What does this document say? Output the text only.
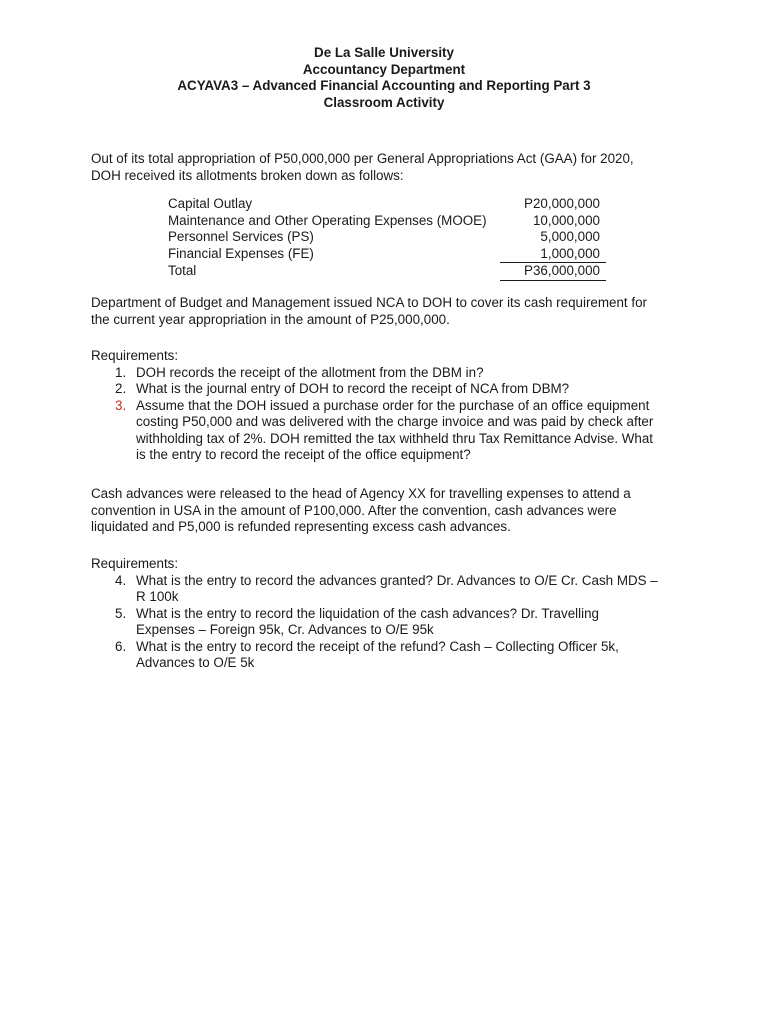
De La Salle University
Accountancy Department
ACYAVA3 – Advanced Financial Accounting and Reporting Part 3
Classroom Activity
Out of its total appropriation of P50,000,000 per General Appropriations Act (GAA) for 2020,
DOH received its allotments broken down as follows:
Capital Outlay	P20,000,000
Maintenance and Other Operating Expenses (MOOE)	10,000,000
Personnel Services (PS)	5,000,000
Financial Expenses (FE)	1,000,000
Total	P36,000,000
Department of Budget and Management issued NCA to DOH to cover its cash requirement for
the current year appropriation in the amount of P25,000,000.
Requirements:
1. DOH records the receipt of the allotment from the DBM in?
2. What is the journal entry of DOH to record the receipt of NCA from DBM?
3. Assume that the DOH issued a purchase order for the purchase of an office equipment
costing P50,000 and was delivered with the charge invoice and was paid by check after
withholding tax of 2%. DOH remitted the tax withheld thru Tax Remittance Advise. What
is the entry to record the receipt of the office equipment?
Cash advances were released to the head of Agency XX for travelling expenses to attend a
convention in USA in the amount of P100,000. After the convention, cash advances were
liquidated and P5,000 is refunded representing excess cash advances.
Requirements:
4. What is the entry to record the advances granted? Dr. Advances to O/E Cr. Cash MDS –
R 100k
5. What is the entry to record the liquidation of the cash advances? Dr. Travelling
Expenses – Foreign 95k, Cr. Advances to O/E 95k
6. What is the entry to record the receipt of the refund? Cash – Collecting Officer 5k,
Advances to O/E 5k
